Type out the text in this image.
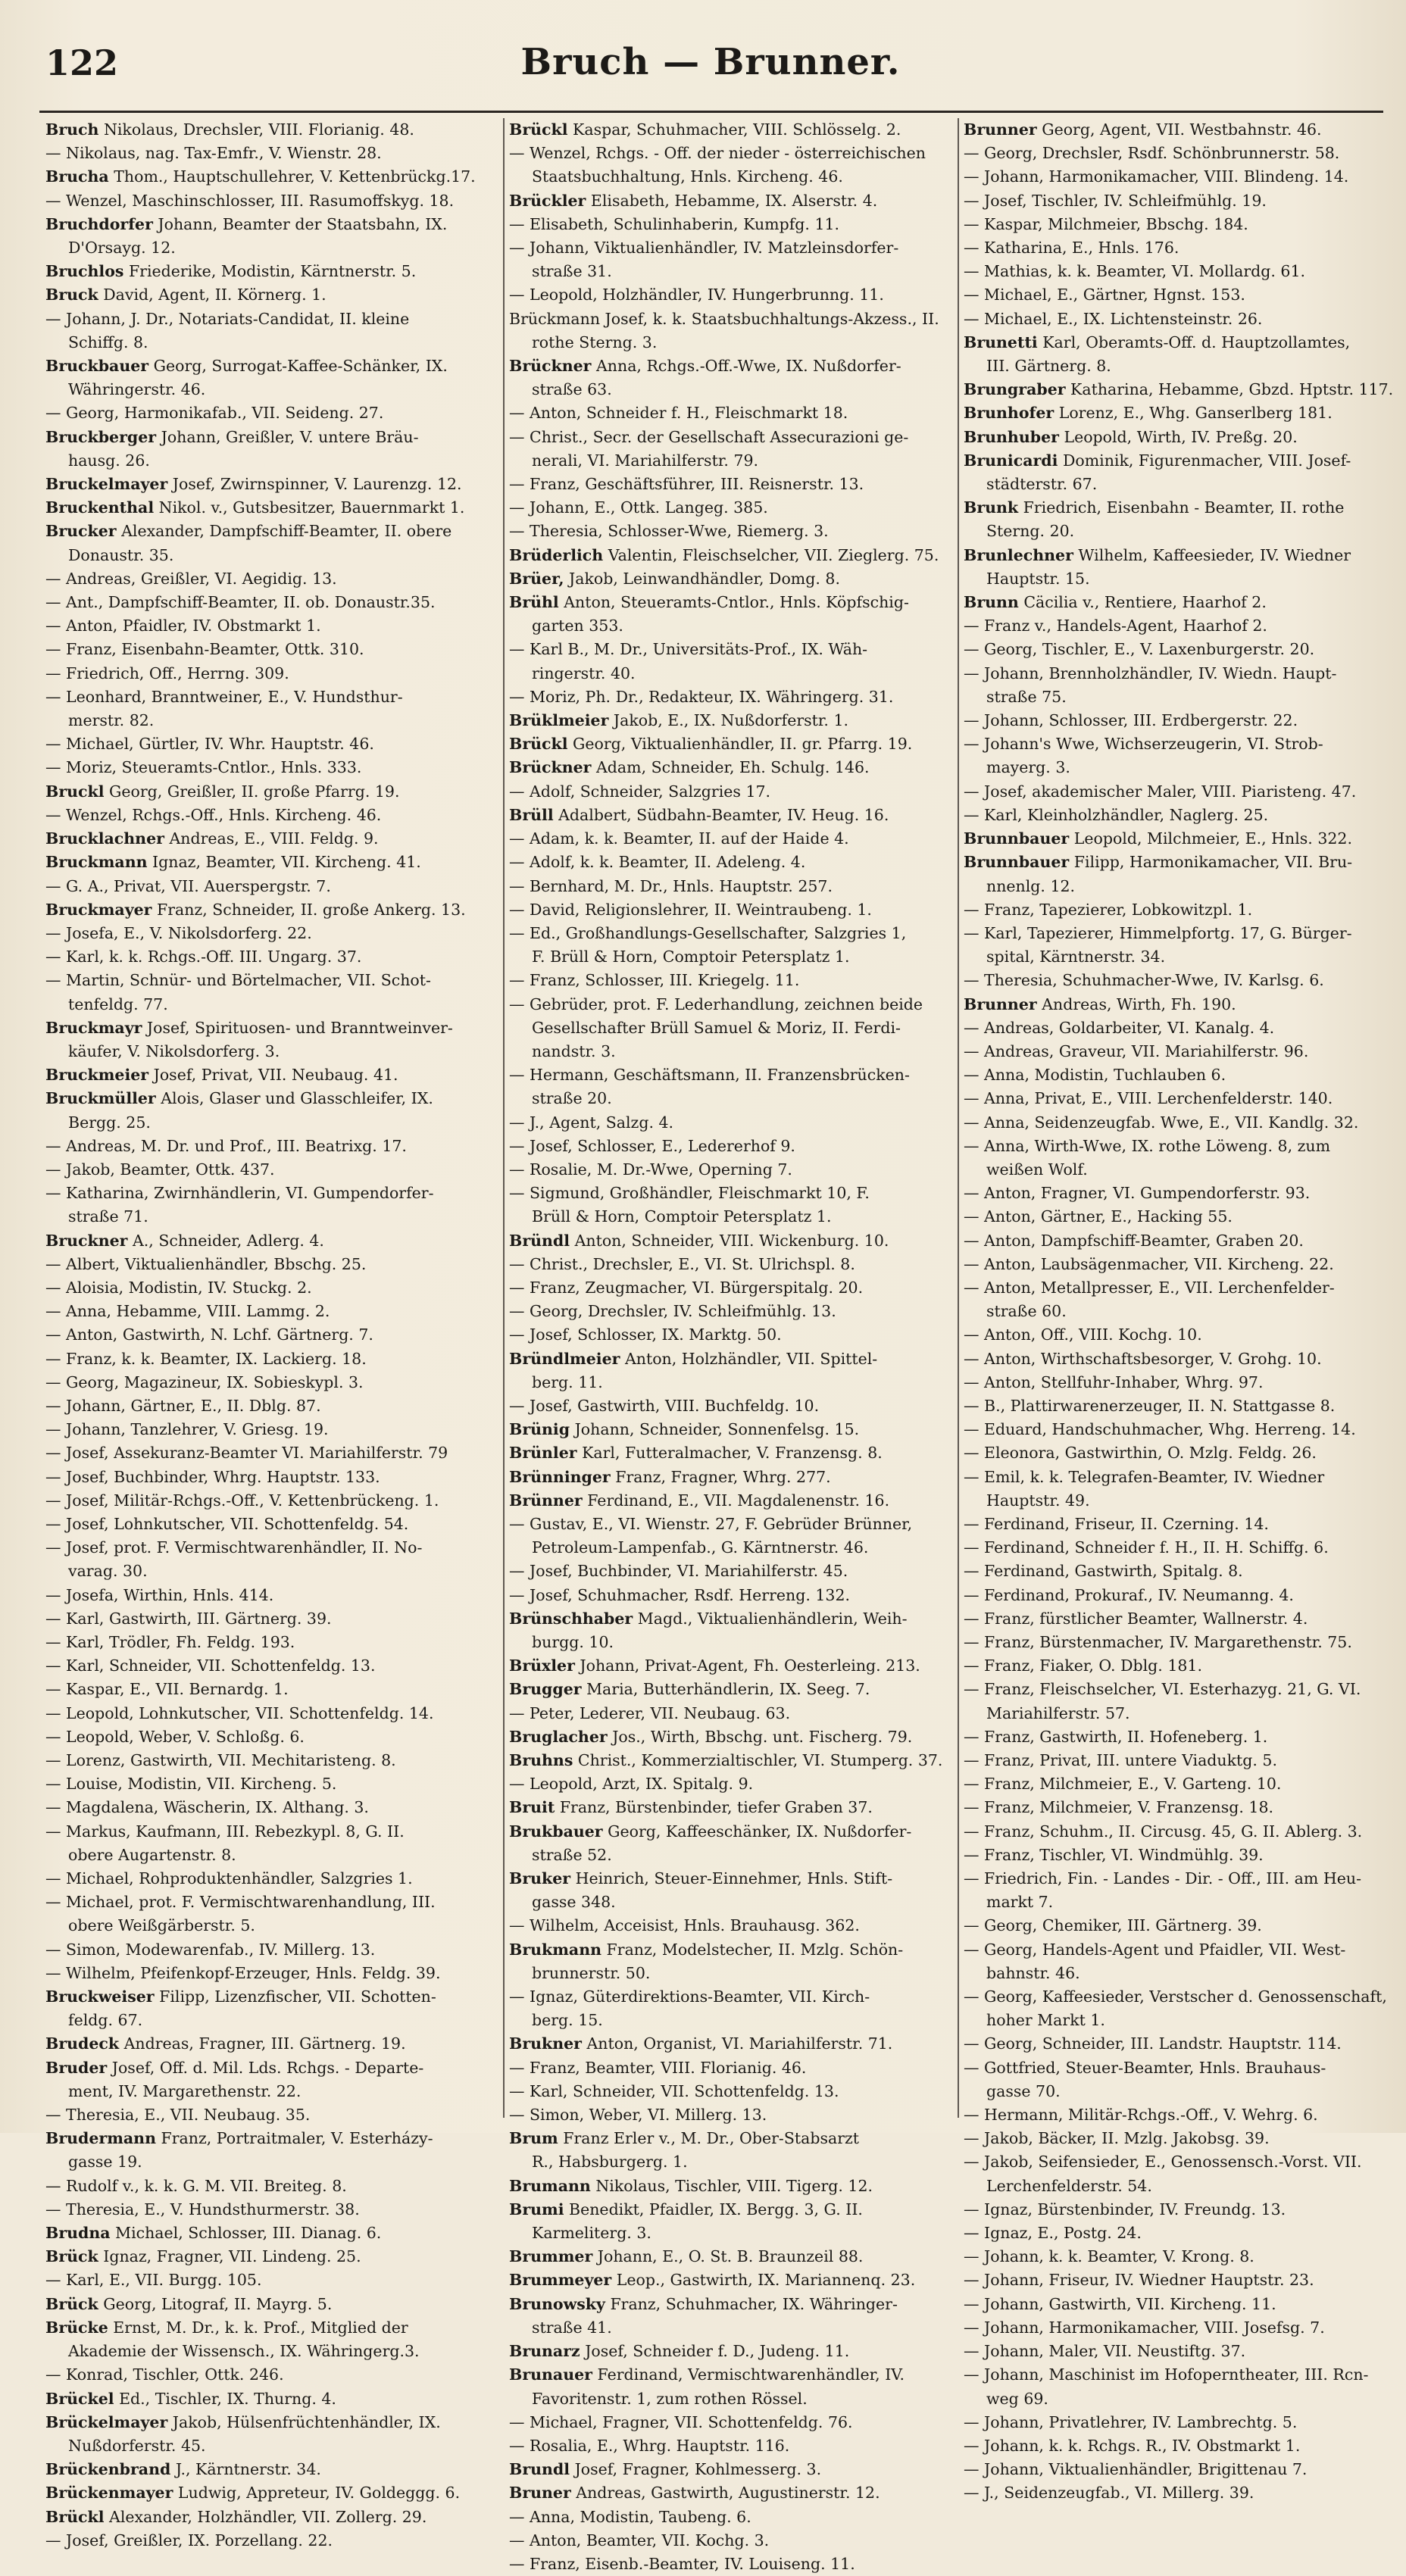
122	Bruch — Brunner.
Bruch Nikolaus, Drechsler, VIII. Florianig. 48.
— Nikolaus, nag. Tax-Emfr., V. Wienstr. 28.
Brucha Thom., Hauptschullehrer, V. Kettenbrückg.17.
— Wenzel, Maschinschlosser, III. Rasumoffskyg. 18.
Bruchdorfer Johann, Beamter der Staatsbahn, IX.
D'Orsayg. 12.
Bruchlos Friederike, Modistin, Kärntnerstr. 5.
Bruck David, Agent, II. Körnerg. 1.
— Johann, J. Dr., Notariats-Candidat, II. kleine
Schiffg. 8.
Bruckbauer Georg, Surrogat-Kaffee-Schänker, IX.
Währingerstr. 46.
— Georg, Harmonikafab., VII. Seideng. 27.
Bruckberger Johann, Greißler, V. untere Bräu-
hausg. 26.
Bruckelmayer Josef, Zwirnspinner, V. Laurenzg. 12.
Bruckenthal Nikol. v., Gutsbesitzer, Bauernmarkt 1.
Brucker Alexander, Dampfschiff-Beamter, II. obere
Donaustr. 35.
— Andreas, Greißler, VI. Aegidig. 13.
— Ant., Dampfschiff-Beamter, II. ob. Donaustr.35.
— Anton, Pfaidler, IV. Obstmarkt 1.
— Franz, Eisenbahn-Beamter, Ottk. 310.
— Friedrich, Off., Herrng. 309.
— Leonhard, Branntweiner, E., V. Hundsthur-
merstr. 82.
— Michael, Gürtler, IV. Whr. Hauptstr. 46.
— Moriz, Steueramts-Cntlor., Hnls. 333.
Bruckl Georg, Greißler, II. große Pfarrg. 19.
— Wenzel, Rchgs.-Off., Hnls. Kircheng. 46.
Brucklachner Andreas, E., VIII. Feldg. 9.
Bruckmann Ignaz, Beamter, VII. Kircheng. 41.
— G. A., Privat, VII. Auerspergstr. 7.
Bruckmayer Franz, Schneider, II. große Ankerg. 13.
— Josefa, E., V. Nikolsdorferg. 22.
— Karl, k. k. Rchgs.-Off. III. Ungarg. 37.
— Martin, Schnür- und Börtelmacher, VII. Schot-
tenfeldg. 77.
Bruckmayr Josef, Spirituosen- und Branntweinver-
käufer, V. Nikolsdorferg. 3.
Bruckmeier Josef, Privat, VII. Neubaug. 41.
Bruckmüller Alois, Glaser und Glasschleifer, IX.
Bergg. 25.
— Andreas, M. Dr. und Prof., III. Beatrixg. 17.
— Jakob, Beamter, Ottk. 437.
— Katharina, Zwirnhändlerin, VI. Gumpendorfer-
straße 71.
Bruckner A., Schneider, Adlerg. 4.
— Albert, Viktualienhändler, Bbschg. 25.
— Aloisia, Modistin, IV. Stuckg. 2.
— Anna, Hebamme, VIII. Lammg. 2.
— Anton, Gastwirth, N. Lchf. Gärtnerg. 7.
— Franz, k. k. Beamter, IX. Lackierg. 18.
— Georg, Magazineur, IX. Sobieskypl. 3.
— Johann, Gärtner, E., II. Dblg. 87.
— Johann, Tanzlehrer, V. Griesg. 19.
— Josef, Assekuranz-Beamter VI. Mariahilferstr. 79
— Josef, Buchbinder, Whrg. Hauptstr. 133.
— Josef, Militär-Rchgs.-Off., V. Kettenbrückeng. 1.
— Josef, Lohnkutscher, VII. Schottenfeldg. 54.
— Josef, prot. F. Vermischtwarenhändler, II. No-
varag. 30.
— Josefa, Wirthin, Hnls. 414.
— Karl, Gastwirth, III. Gärtnerg. 39.
— Karl, Trödler, Fh. Feldg. 193.
— Karl, Schneider, VII. Schottenfeldg. 13.
— Kaspar, E., VII. Bernardg. 1.
— Leopold, Lohnkutscher, VII. Schottenfeldg. 14.
— Leopold, Weber, V. Schloßg. 6.
— Lorenz, Gastwirth, VII. Mechitaristeng. 8.
— Louise, Modistin, VII. Kircheng. 5.
— Magdalena, Wäscherin, IX. Althang. 3.
— Markus, Kaufmann, III. Rebezkypl. 8, G. II.
obere Augartenstr. 8.
— Michael, Rohproduktenhändler, Salzgries 1.
— Michael, prot. F. Vermischtwarenhandlung, III.
obere Weißgärberstr. 5.
— Simon, Modewarenfab., IV. Millerg. 13.
— Wilhelm, Pfeifenkopf-Erzeuger, Hnls. Feldg. 39.
Bruckweiser Filipp, Lizenzfischer, VII. Schotten-
feldg. 67.
Brudeck Andreas, Fragner, III. Gärtnerg. 19.
Bruder Josef, Off. d. Mil. Lds. Rchgs. - Departe-
ment, IV. Margarethenstr. 22.
— Theresia, E., VII. Neubaug. 35.
Brudermann Franz, Portraitmaler, V. Esterházy-
gasse 19.
— Rudolf v., k. k. G. M. VII. Breiteg. 8.
— Theresia, E., V. Hundsthurmerstr. 38.
Brudna Michael, Schlosser, III. Dianag. 6.
Brück Ignaz, Fragner, VII. Lindeng. 25.
— Karl, E., VII. Burgg. 105.
Brück Georg, Litograf, II. Mayrg. 5.
Brücke Ernst, M. Dr., k. k. Prof., Mitglied der
Akademie der Wissensch., IX. Währingerg.3.
— Konrad, Tischler, Ottk. 246.
Brückel Ed., Tischler, IX. Thurng. 4.
Brückelmayer Jakob, Hülsenfrüchtenhändler, IX.
Nußdorferstr. 45.
Brückenbrand J., Kärntnerstr. 34.
Brückenmayer Ludwig, Appreteur, IV. Goldeggg. 6.
Brückl Alexander, Holzhändler, VII. Zollerg. 29.
— Josef, Greißler, IX. Porzellang. 22.
Brückl Kaspar, Schuhmacher, VIII. Schlösselg. 2.
— Wenzel, Rchgs. - Off. der nieder - österreichischen
Staatsbuchhaltung, Hnls. Kircheng. 46.
Brückler Elisabeth, Hebamme, IX. Alserstr. 4.
— Elisabeth, Schulinhaberin, Kumpfg. 11.
— Johann, Viktualienhändler, IV. Matzleinsdorfer-
straße 31.
— Leopold, Holzhändler, IV. Hungerbrunng. 11.
Brückmann Josef, k. k. Staatsbuchhaltungs-Akzess., II.
rothe Sterng. 3.
Brückner Anna, Rchgs.-Off.-Wwe, IX. Nußdorfer-
straße 63.
— Anton, Schneider f. H., Fleischmarkt 18.
— Christ., Secr. der Gesellschaft Assecurazioni ge-
nerali, VI. Mariahilferstr. 79.
— Franz, Geschäftsführer, III. Reisnerstr. 13.
— Johann, E., Ottk. Langeg. 385.
— Theresia, Schlosser-Wwe, Riemerg. 3.
Brüderlich Valentin, Fleischselcher, VII. Zieglerg. 75.
Brüer, Jakob, Leinwandhändler, Domg. 8.
Brühl Anton, Steueramts-Cntlor., Hnls. Köpfschig-
garten 353.
— Karl B., M. Dr., Universitäts-Prof., IX. Wäh-
ringerstr. 40.
— Moriz, Ph. Dr., Redakteur, IX. Währingerg. 31.
Brüklmeier Jakob, E., IX. Nußdorferstr. 1.
Brückl Georg, Viktualienhändler, II. gr. Pfarrg. 19.
Brückner Adam, Schneider, Eh. Schulg. 146.
— Adolf, Schneider, Salzgries 17.
Brüll Adalbert, Südbahn-Beamter, IV. Heug. 16.
— Adam, k. k. Beamter, II. auf der Haide 4.
— Adolf, k. k. Beamter, II. Adeleng. 4.
— Bernhard, M. Dr., Hnls. Hauptstr. 257.
— David, Religionslehrer, II. Weintraubeng. 1.
— Ed., Großhandlungs-Gesellschafter, Salzgries 1,
F. Brüll & Horn, Comptoir Petersplatz 1.
— Franz, Schlosser, III. Kriegelg. 11.
— Gebrüder, prot. F. Lederhandlung, zeichnen beide
Gesellschafter Brüll Samuel & Moriz, II. Ferdi-
nandstr. 3.
— Hermann, Geschäftsmann, II. Franzensbrücken-
straße 20.
— J., Agent, Salzg. 4.
— Josef, Schlosser, E., Ledererhof 9.
— Rosalie, M. Dr.-Wwe, Operning 7.
— Sigmund, Großhändler, Fleischmarkt 10, F.
Brüll & Horn, Comptoir Petersplatz 1.
Bründl Anton, Schneider, VIII. Wickenburg. 10.
— Christ., Drechsler, E., VI. St. Ulrichspl. 8.
— Franz, Zeugmacher, VI. Bürgerspitalg. 20.
— Georg, Drechsler, IV. Schleifmühlg. 13.
— Josef, Schlosser, IX. Marktg. 50.
Bründlmeier Anton, Holzhändler, VII. Spittel-
berg. 11.
— Josef, Gastwirth, VIII. Buchfeldg. 10.
Brünig Johann, Schneider, Sonnenfelsg. 15.
Brünler Karl, Futteralmacher, V. Franzensg. 8.
Brünninger Franz, Fragner, Whrg. 277.
Brünner Ferdinand, E., VII. Magdalenenstr. 16.
— Gustav, E., VI. Wienstr. 27, F. Gebrüder Brünner,
Petroleum-Lampenfab., G. Kärntnerstr. 46.
— Josef, Buchbinder, VI. Mariahilferstr. 45.
— Josef, Schuhmacher, Rsdf. Herreng. 132.
Brünschhaber Magd., Viktualienhändlerin, Weih-
burgg. 10.
Brüxler Johann, Privat-Agent, Fh. Oesterleing. 213.
Brugger Maria, Butterhändlerin, IX. Seeg. 7.
— Peter, Lederer, VII. Neubaug. 63.
Bruglacher Jos., Wirth, Bbschg. unt. Fischerg. 79.
Bruhns Christ., Kommerzialtischler, VI. Stumperg. 37.
— Leopold, Arzt, IX. Spitalg. 9.
Bruit Franz, Bürstenbinder, tiefer Graben 37.
Brukbauer Georg, Kaffeeschänker, IX. Nußdorfer-
straße 52.
Bruker Heinrich, Steuer-Einnehmer, Hnls. Stift-
gasse 348.
— Wilhelm, Acceisist, Hnls. Brauhausg. 362.
Brukmann Franz, Modelstecher, II. Mzlg. Schön-
brunnerstr. 50.
— Ignaz, Güterdirektions-Beamter, VII. Kirch-
berg. 15.
Brukner Anton, Organist, VI. Mariahilferstr. 71.
— Franz, Beamter, VIII. Florianig. 46.
— Karl, Schneider, VII. Schottenfeldg. 13.
— Simon, Weber, VI. Millerg. 13.
Brum Franz Erler v., M. Dr., Ober-Stabsarzt
R., Habsburgerg. 1.
Brumann Nikolaus, Tischler, VIII. Tigerg. 12.
Brumi Benedikt, Pfaidler, IX. Bergg. 3, G. II.
Karmeliterg. 3.
Brummer Johann, E., O. St. B. Braunzeil 88.
Brummeyer Leop., Gastwirth, IX. Mariannenq. 23.
Brunowsky Franz, Schuhmacher, IX. Währinger-
straße 41.
Brunarz Josef, Schneider f. D., Judeng. 11.
Brunauer Ferdinand, Vermischtwarenhändler, IV.
Favoritenstr. 1, zum rothen Rössel.
— Michael, Fragner, VII. Schottenfeldg. 76.
— Rosalia, E., Whrg. Hauptstr. 116.
Brundl Josef, Fragner, Kohlmesserg. 3.
Bruner Andreas, Gastwirth, Augustinerstr. 12.
— Anna, Modistin, Taubeng. 6.
— Anton, Beamter, VII. Kochg. 3.
— Franz, Eisenb.-Beamter, IV. Louiseng. 11.
Brunner Georg, Agent, VII. Westbahnstr. 46.
— Georg, Drechsler, Rsdf. Schönbrunnerstr. 58.
— Johann, Harmonikamacher, VIII. Blindeng. 14.
— Josef, Tischler, IV. Schleifmühlg. 19.
— Kaspar, Milchmeier, Bbschg. 184.
— Katharina, E., Hnls. 176.
— Mathias, k. k. Beamter, VI. Mollardg. 61.
— Michael, E., Gärtner, Hgnst. 153.
— Michael, E., IX. Lichtensteinstr. 26.
Brunetti Karl, Oberamts-Off. d. Hauptzollamtes,
III. Gärtnerg. 8.
Brungraber Katharina, Hebamme, Gbzd. Hptstr. 117.
Brunhofer Lorenz, E., Whg. Ganserlberg 181.
Brunhuber Leopold, Wirth, IV. Preßg. 20.
Brunicardi Dominik, Figurenmacher, VIII. Josef-
städterstr. 67.
Brunk Friedrich, Eisenbahn - Beamter, II. rothe
Sterng. 20.
Brunlechner Wilhelm, Kaffeesieder, IV. Wiedner
Hauptstr. 15.
Brunn Cäcilia v., Rentiere, Haarhof 2.
— Franz v., Handels-Agent, Haarhof 2.
— Georg, Tischler, E., V. Laxenburgerstr. 20.
— Johann, Brennholzhändler, IV. Wiedn. Haupt-
straße 75.
— Johann, Schlosser, III. Erdbergerstr. 22.
— Johann's Wwe, Wichserzeugerin, VI. Strob-
mayerg. 3.
— Josef, akademischer Maler, VIII. Piaristeng. 47.
— Karl, Kleinholzhändler, Naglerg. 25.
Brunnbauer Leopold, Milchmeier, E., Hnls. 322.
Brunnbauer Filipp, Harmonikamacher, VII. Bru-
nnenlg. 12.
— Franz, Tapezierer, Lobkowitzpl. 1.
— Karl, Tapezierer, Himmelpfortg. 17, G. Bürger-
spital, Kärntnerstr. 34.
— Theresia, Schuhmacher-Wwe, IV. Karlsg. 6.
Brunner Andreas, Wirth, Fh. 190.
— Andreas, Goldarbeiter, VI. Kanalg. 4.
— Andreas, Graveur, VII. Mariahilferstr. 96.
— Anna, Modistin, Tuchlauben 6.
— Anna, Privat, E., VIII. Lerchenfelderstr. 140.
— Anna, Seidenzeugfab. Wwe, E., VII. Kandlg. 32.
— Anna, Wirth-Wwe, IX. rothe Löweng. 8, zum
weißen Wolf.
— Anton, Fragner, VI. Gumpendorferstr. 93.
— Anton, Gärtner, E., Hacking 55.
— Anton, Dampfschiff-Beamter, Graben 20.
— Anton, Laubsägenmacher, VII. Kircheng. 22.
— Anton, Metallpresser, E., VII. Lerchenfelder-
straße 60.
— Anton, Off., VIII. Kochg. 10.
— Anton, Wirthschaftsbesorger, V. Grohg. 10.
— Anton, Stellfuhr-Inhaber, Whrg. 97.
— B., Plattirwarenerzeuger, II. N. Stattgasse 8.
— Eduard, Handschuhmacher, Whg. Herreng. 14.
— Eleonora, Gastwirthin, O. Mzlg. Feldg. 26.
— Emil, k. k. Telegrafen-Beamter, IV. Wiedner
Hauptstr. 49.
— Ferdinand, Friseur, II. Czerning. 14.
— Ferdinand, Schneider f. H., II. H. Schiffg. 6.
— Ferdinand, Gastwirth, Spitalg. 8.
— Ferdinand, Prokuraf., IV. Neumanng. 4.
— Franz, fürstlicher Beamter, Wallnerstr. 4.
— Franz, Bürstenmacher, IV. Margarethenstr. 75.
— Franz, Fiaker, O. Dblg. 181.
— Franz, Fleischselcher, VI. Esterhazyg. 21, G. VI.
Mariahilferstr. 57.
— Franz, Gastwirth, II. Hofeneberg. 1.
— Franz, Privat, III. untere Viaduktg. 5.
— Franz, Milchmeier, E., V. Garteng. 10.
— Franz, Milchmeier, V. Franzensg. 18.
— Franz, Schuhm., II. Circusg. 45, G. II. Ablerg. 3.
— Franz, Tischler, VI. Windmühlg. 39.
— Friedrich, Fin. - Landes - Dir. - Off., III. am Heu-
markt 7.
— Georg, Chemiker, III. Gärtnerg. 39.
— Georg, Handels-Agent und Pfaidler, VII. West-
bahnstr. 46.
— Georg, Kaffeesieder, Verstscher d. Genossenschaft,
hoher Markt 1.
— Georg, Schneider, III. Landstr. Hauptstr. 114.
— Gottfried, Steuer-Beamter, Hnls. Brauhaus-
gasse 70.
— Hermann, Militär-Rchgs.-Off., V. Wehrg. 6.
— Jakob, Bäcker, II. Mzlg. Jakobsg. 39.
— Jakob, Seifensieder, E., Genossensch.-Vorst. VII.
Lerchenfelderstr. 54.
— Ignaz, Bürstenbinder, IV. Freundg. 13.
— Ignaz, E., Postg. 24.
— Johann, k. k. Beamter, V. Krong. 8.
— Johann, Friseur, IV. Wiedner Hauptstr. 23.
— Johann, Gastwirth, VII. Kircheng. 11.
— Johann, Harmonikamacher, VIII. Josefsg. 7.
— Johann, Maler, VII. Neustiftg. 37.
— Johann, Maschinist im Hofoperntheater, III. Rcn-
weg 69.
— Johann, Privatlehrer, IV. Lambrechtg. 5.
— Johann, k. k. Rchgs. R., IV. Obstmarkt 1.
— Johann, Viktualienhändler, Brigittenau 7.
— J., Seidenzeugfab., VI. Millerg. 39.
